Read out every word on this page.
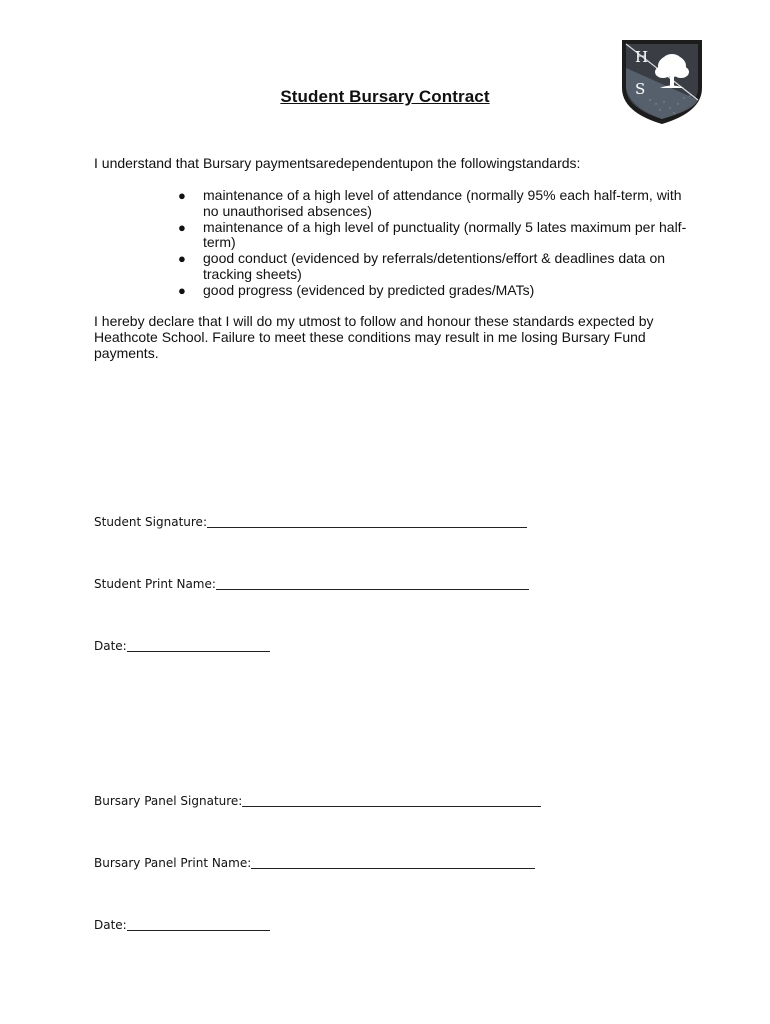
H
S
Student Bursary Contract
I understand that Bursary paymentsaredependentupon the followingstandards:
● maintenance of a high level of attendance (normally 95% each half-term, with no unauthorised absences)
● maintenance of a high level of punctuality (normally 5 lates maximum per half-term)
● good conduct (evidenced by referrals/detentions/effort & deadlines data on tracking sheets)
● good progress (evidenced by predicted grades/MATs)
I hereby declare that I will do my utmost to follow and honour these standards expected by Heathcote School. Failure to meet these conditions may result in me losing Bursary Fund payments.
Student Signature:
Student Print Name:
Date:
Bursary Panel Signature:
Bursary Panel Print Name:
Date:
